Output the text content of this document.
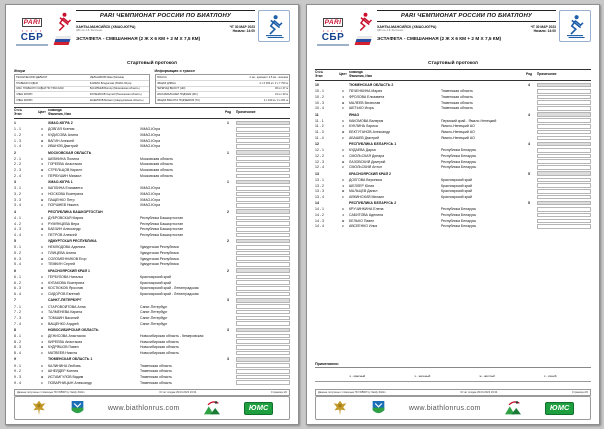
PARI
• • • • •
СБР
PARI ЧЕМПИОНАТ РОССИИ ПО БИАТЛОНУ
ХАНТЫ-МАНСИЙСК (ХМАО-ЮГРА)
ЦВС им. А.В. Филипенко
ЧТ 30 МАР 2023
Начало: 14:00
ЭСТАФЕТА - СМЕШАННАЯ (2 Ж X 6 КМ + 2 М X 7,5 КМ)
Стартовый протокол
Жюри
ТЕХНИЧЕСКИЙ ДЕЛЕГАТ	МЕЛЬНИКОВ Иван (Москва)
ГЛАВНЫЙ СУДЬЯ	ЗАИКИН Владислав (ХМАО-Югра)
ЗАМ. ГЛАВНОГО СУДЬИ ПО ТРАССАМ	ВАСИЛЬЕВ Виктор (Московская область)
ЧЛЕН ЖЮРИ	ЗОЛЬНИКОВ Сергей (Пензенская область)
ЧЛЕН ЖЮРИ	ШАШИЛОВ Михаил (Свердловская область)
Информация о трассе
ТРАССА	2 км - красная / 2,5 км - зеленая
ОБЩАЯ ДЛИНА	2 х 6 300 м / 2 х 7 700 м
ПЕРЕПАД ВЫСОТ (HD)	36 м / 47 м
МАКСИМАЛЬНЫЙ ПОДЪЕМ (MC)	31 м / 33 м
ОБЩАЯ ВЫСОТА ПОДЪЕМОВ (TC)	2 х 190 м / 2 х 201 м
Ст.№
Этап	Цвет Команда
Фамилия, Имя	Ряд	Примечание
1	ХМАО-ЮГРА 2	1
1 - 1	к	ДОВГАЯ Ксения	ХМАО-Югра
1 - 2	з	КУДИСОВА Алина	ХМАО-Югра
1 - 3	ж	ВАГИН Алексей	ХМАО-Югра
1 - 4	с	ИВАНОВ Дмитрий	ХМАО-Югра
2	МОСКОВСКАЯ ОБЛАСТЬ	1
2 - 1	к	ШЕВНИНА Полина	Московская область
2 - 2	з	ГОРЕЕВА Анастасия	Московская область
2 - 3	ж	СТРЕЛЬЦОВ Кирилл	Московская область
2 - 4	с	ПЕРВУШИН Михаил	Московская область
3	ХМАО-ЮГРА 1	1
3 - 1	к	КАПЛИНА Елизавета	ХМАО-Югра
3 - 2	з	НОСКОВА Екатерина	ХМАО-Югра
3 - 3	ж	ПАЩЕНКО Петр	ХМАО-Югра
3 - 4	с	ПОРШНЕВ Никита	ХМАО-Югра
4	РЕСПУБЛИКА БАШКОРТОСТАН	2
4 - 1	к	ДУБРОВСКАЯ Мария	Республика Башкортостан
4 - 2	з	РУМЯНЦЕВА Вера	Республика Башкортостан
4 - 3	ж	БАБЧИН Александр	Республика Башкортостан
4 - 4	с	ПЕТРОВ Алексей	Республика Башкортостан
5	УДМУРТСКАЯ РЕСПУБЛИКА	2
5 - 1	к	НЕКЛЮДОВА Аделина	Удмуртская Республика
5 - 2	з	ПЛИЦЕВА Алина	Удмуртская Республика
5 - 3	ж	СОЛОМЕННИКОВ Егор	Удмуртская Республика
5 - 4	с	ТЕМКИН Сергей	Удмуртская Республика
6	КРАСНОЯРСКИЙ КРАЙ 1	2
6 - 1	к	ГЕРБУЛОВА Наталья	Красноярский край
6 - 2	з	КУЛАКОВА Екатерина	Красноярский край
6 - 3	ж	КОСТЮКОВ Ярослав	Красноярский край - Ленинградская
6 - 4	с	СИДОРОВ Евгений	Красноярский край - Ленинградская
7	САНКТ-ПЕТЕРБУРГ	3
7 - 1	к	СТАРОВОЙТОВА Анна	Санкт-Петербург
7 - 2	з	ТАЛМЕНЕВА Карина	Санкт-Петербург
7 - 3	ж	ТОМШИН Василий	Санкт-Петербург
7 - 4	с	ВАЩЕНКО Андрей	Санкт-Петербург
8	НОВОСИБИРСКАЯ ОБЛАСТЬ	3
8 - 1	к	ДЕНИСОВА Анастасия	Новосибирская область - Кемеровская
8 - 2	з	КИРЕЕВА Анастасия	Новосибирская область
8 - 3	ж	КУДРЯШОВ Павел	Новосибирская область
8 - 4	с	МАТВЕЕВ Никита	Новосибирская область
9	ТЮМЕНСКАЯ ОБЛАСТЬ 1	3
9 - 1	к	КАЛИНИНА Любовь	Тюменская область
9 - 2	з	ШНЕЙДЕР Ксения	Тюменская область
9 - 3	ж	ИСТАМГУЛОВ Вадим	Тюменская область
9 - 4	с	ПОВАРНИЦЫН Александр	Тюменская область
Данные получены с помощью ПО WBSP by Vasily Zlobin	Отчет создан 29.03.2023 19:34	Страница 1/2
www.biathlonrus.com	ЮМС
PARI
• • • • •
СБР
PARI ЧЕМПИОНАТ РОССИИ ПО БИАТЛОНУ
ХАНТЫ-МАНСИЙСК (ХМАО-ЮГРА)
ЦВС им. А.В. Филипенко
ЧТ 30 МАР 2023
Начало: 14:00
ЭСТАФЕТА - СМЕШАННАЯ (2 Ж X 6 КМ + 2 М X 7,5 КМ)
Стартовый протокол
Ст.№
Этап	Цвет Команда
Фамилия, Имя	Ряд	Примечание
10	ТЮМЕНСКАЯ ОБЛАСТЬ 2	4
10 - 1	к	ПЕЧЕНКИНА Мария	Тюменская область
10 - 2	з	ФРОЛОВА Елизавета	Тюменская область
10 - 3	ж	МАЛЕЕВ Вячеслав	Тюменская область
10 - 4	с	ШЕТЬКО Игорь	Тюменская область
11	ЯНАО	4
11 - 1	к	КАКОМОВА Валерия	Пермский край - Ямало-Ненецкий
11 - 2	з	КУКЛИНА Лариса	Ямало-Ненецкий АО
11 - 3	ж	БЕКТУГАНОВ Александр	Ямало-Ненецкий АО
11 - 4	с	АБАШЕВ Дмитрий	Ямало-Ненецкий АО
12	РЕСПУБЛИКА БЕЛАРУСЬ 1	4
12 - 1	к	КУДАЕВА Дарья	Республика Беларусь
12 - 2	з	СМОЛЬСКАЯ Динара	Республика Беларусь
12 - 3	ж	ЛАЗОВСКИЙ Дмитрий	Республика Беларусь
12 - 4	с	СМОЛЬСКИЙ Антон	Республика Беларусь
13	КРАСНОЯРСКИЙ КРАЙ 2	5
13 - 1	к	ДОЛГОВА Вероника	Красноярский край
13 - 2	з	ШЕЛЛЕР Юлия	Красноярский край
13 - 3	ж	МАЛЬЦЕВ Данил	Красноярский край
13 - 4	с	АЙКИНСКИЙ Михаил	Красноярский край
14	РЕСПУБЛИКА БЕЛАРУСЬ 2	5
14 - 1	к	КРУЧИНКИНА Елена	Республика Беларусь
14 - 2	з	САБИТОВА Аделина	Республика Беларусь
14 - 3	ж	БЕЛЬКО Павел	Республика Беларусь
14 - 4	с	АВСЕЕНКО Илья	Республика Беларусь
Примечания:
к - красный	з - зеленый	ж - жёлтый	с - синий
Данные получены с помощью ПО WBSP by Vasily Zlobin	Отчет создан 29.03.2023 19:34	Страница 2/2
www.biathlonrus.com	ЮМС
